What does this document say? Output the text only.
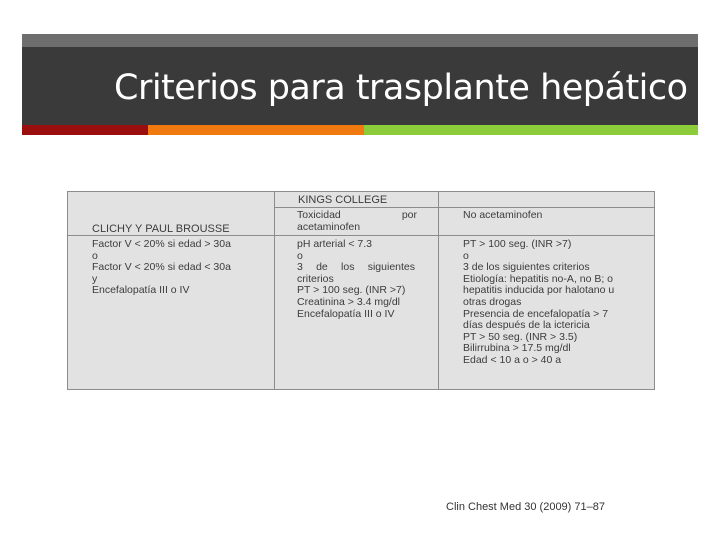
Criterios para trasplante hepático
KINGS COLLEGE
CLICHY Y PAUL BROUSSE
Factor V < 20% si edad > 30a
o
Factor V < 20% si edad < 30a
y
Encefalopatía III o IV
Toxicidad	por
acetaminofen
pH arterial < 7.3
o
3 de los siguientes
criterios
PT > 100 seg. (INR >7)
Creatinina > 3.4 mg/dl
Encefalopatía III o IV
No acetaminofen
PT > 100 seg. (INR >7)
o
3 de los siguientes criterios
Etiología: hepatitis no-A, no B; o
hepatitis inducida por halotano u
otras drogas
Presencia de encefalopatía > 7
días después de la ictericia
PT > 50 seg. (INR > 3.5)
Bilirrubina > 17.5 mg/dl
Edad < 10 a o > 40 a
Clin Chest Med 30 (2009) 71–87
